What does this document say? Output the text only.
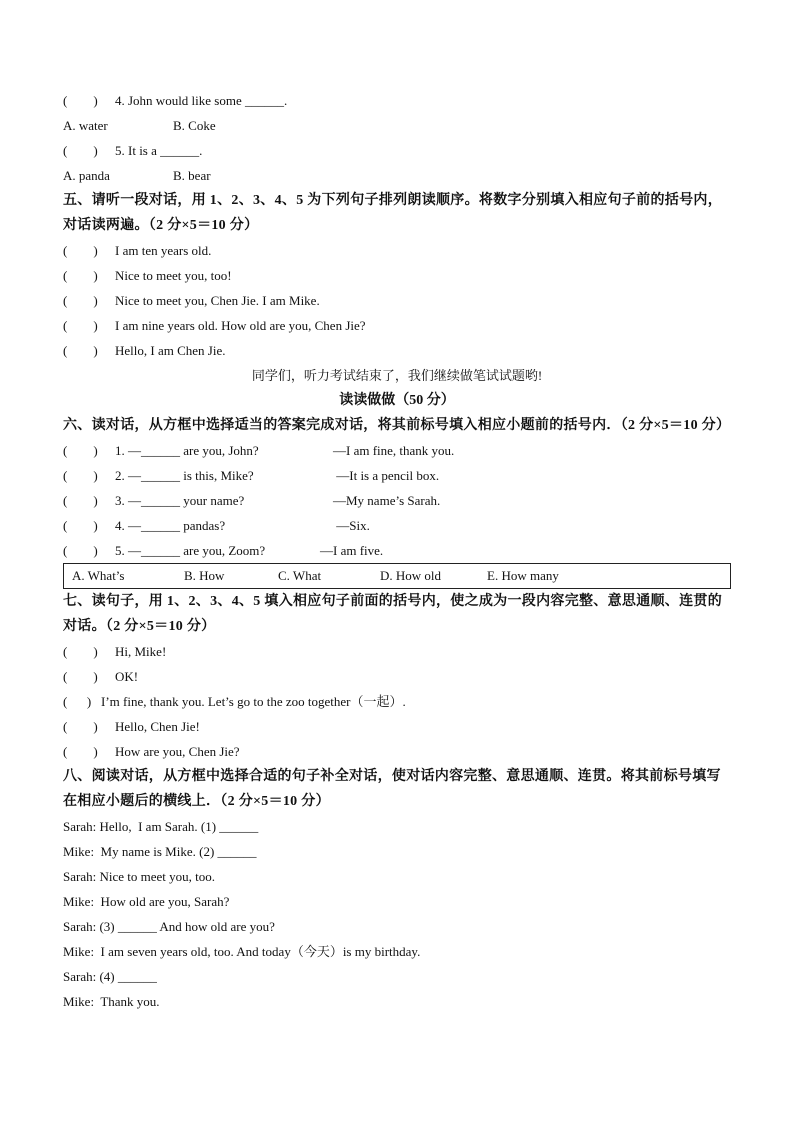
(        ) 4. John would like some ______.
A. water	B. Coke
(        ) 5. It is a ______.
A. panda	B. bear
五、请听一段对话，用 1、2、3、4、5 为下列句子排列朗读顺序。将数字分别填入相应句子前的括号内，对话读两遍。（2 分×5＝10 分）
(        ) I am ten years old.
(        ) Nice to meet you, too!
(        ) Nice to meet you, Chen Jie. I am Mike.
(        ) I am nine years old. How old are you, Chen Jie?
(        ) Hello, I am Chen Jie.
同学们，听力考试结束了，我们继续做笔试试题哟!
读读做做（50 分）
六、读对话，从方框中选择适当的答案完成对话，将其前标号填入相应小题前的括号内．（2 分×5＝10 分）
(        ) 1. —______ are you, John?	—I am fine, thank you.
(        ) 2. —______ is this, Mike?	—It is a pencil box.
(        ) 3. —______ your name?	—My name’s Sarah.
(        ) 4. —______ pandas?	—Six.
(        ) 5. —______ are you, Zoom?	—I am five.
A. What’s	B. How	C. What	D. How old	E. How many
七、读句子，用 1、2、3、4、5 填入相应句子前面的括号内，使之成为一段内容完整、意思通顺、连贯的对话。（2 分×5＝10 分）
(        ) Hi, Mike!
(        ) OK!
(      ) I’m fine, thank you. Let’s go to the zoo together（一起）.
(        ) Hello, Chen Jie!
(        ) How are you, Chen Jie?
八、阅读对话，从方框中选择合适的句子补全对话，使对话内容完整、意思通顺、连贯。将其前标号填写在相应小题后的横线上．（2 分×5＝10 分）
Sarah: Hello,  I am Sarah. (1) ______
Mike:  My name is Mike. (2) ______
Sarah: Nice to meet you, too.
Mike:  How old are you, Sarah?
Sarah: (3) ______ And how old are you?
Mike:  I am seven years old, too. And today（今天）is my birthday.
Sarah: (4) ______
Mike:  Thank you.
